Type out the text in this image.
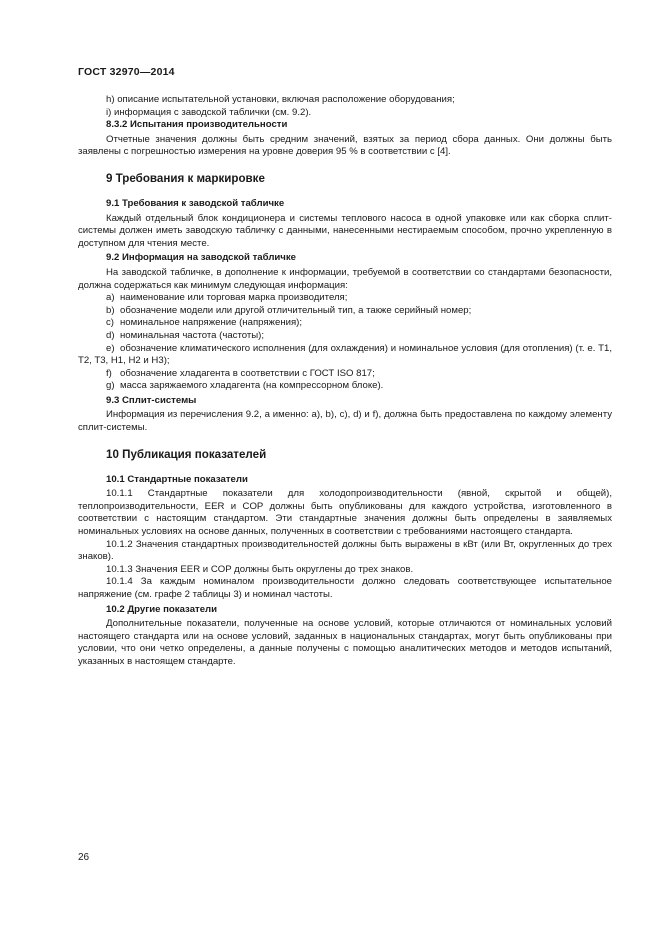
ГОСТ 32970—2014

h) описание испытательной установки, включая расположение оборудования;

i) информация с заводской таблички (см. 9.2).

8.3.2 Испытания производительности

Отчетные значения должны быть средним значений, взятых за период сбора данных. Они должны быть заявлены с погрешностью измерения на уровне доверия 95 % в соответствии с [4].

9 Требования к маркировке

9.1 Требования к заводской табличке

Каждый отдельный блок кондиционера и системы теплового насоса в одной упаковке или как сборка сплит-системы должен иметь заводскую табличку с данными, нанесенными нестираемым способом, прочно укрепленную в доступном для чтения месте.

9.2 Информация на заводской табличке

На заводской табличке, в дополнение к информации, требуемой в соответствии со стандартами безопасности, должна содержаться как минимум следующая информация:

a) наименование или торговая марка производителя;

b) обозначение модели или другой отличительный тип, а также серийный номер;

c) номинальное напряжение (напряжения);

d) номинальная частота (частоты);

e) обозначение климатического исполнения (для охлаждения) и номинальное условия (для отопления) (т. е. T1, T2, T3, H1, H2 и H3);

f) обозначение хладагента в соответствии с ГОСТ ISO 817;

g) масса заряжаемого хладагента (на компрессорном блоке).

9.3 Сплит-системы

Информация из перечисления 9.2, а именно: a), b), c), d) и f), должна быть предоставлена по каждому элементу сплит-системы.

10 Публикация показателей

10.1 Стандартные показатели

10.1.1 Стандартные показатели для холодопроизводительности (явной, скрытой и общей), теплопроизводительности, EER и COP должны быть опубликованы для каждого устройства, изготовленного в соответствии с настоящим стандартом. Эти стандартные значения должны быть определены в заявляемых номинальных условиях на основе данных, полученных в соответствии с требованиями настоящего стандарта.

10.1.2 Значения стандартных производительностей должны быть выражены в кВт (или Вт, округленных до трех знаков).

10.1.3 Значения EER и COP должны быть округлены до трех знаков.

10.1.4 За каждым номиналом производительности должно следовать соответствующее испытательное напряжение (см. графе 2 таблицы 3) и номинал частоты.

10.2 Другие показатели

Дополнительные показатели, полученные на основе условий, которые отличаются от номинальных условий настоящего стандарта или на основе условий, заданных в национальных стандартах, могут быть опубликованы при условии, что они четко определены, а данные получены с помощью аналитических методов и методов испытаний, указанных в настоящем стандарте.

26
